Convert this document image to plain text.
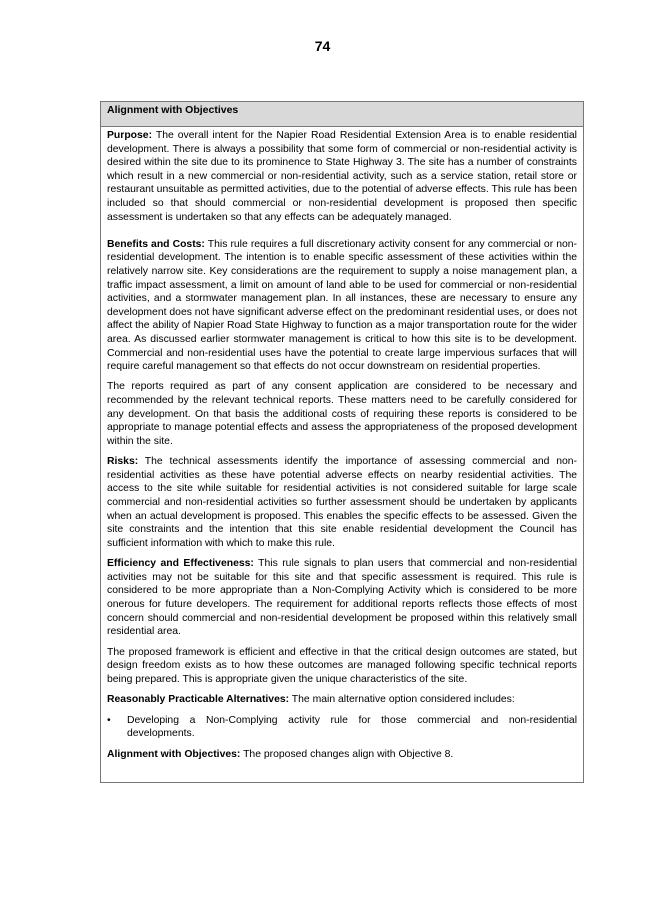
74
Alignment with Objectives

Purpose: The overall intent for the Napier Road Residential Extension Area is to enable residential development. There is always a possibility that some form of commercial or non-residential activity is desired within the site due to its prominence to State Highway 3. The site has a number of constraints which result in a new commercial or non-residential activity, such as a service station, retail store or restaurant unsuitable as permitted activities, due to the potential of adverse effects. This rule has been included so that should commercial or non-residential development is proposed then specific assessment is undertaken so that any effects can be adequately managed.

Benefits and Costs: This rule requires a full discretionary activity consent for any commercial or non-residential development. The intention is to enable specific assessment of these activities within the relatively narrow site. Key considerations are the requirement to supply a noise management plan, a traffic impact assessment, a limit on amount of land able to be used for commercial or non-residential activities, and a stormwater management plan. In all instances, these are necessary to ensure any development does not have significant adverse effect on the predominant residential uses, or does not affect the ability of Napier Road State Highway to function as a major transportation route for the wider area. As discussed earlier stormwater management is critical to how this site is to be development. Commercial and non-residential uses have the potential to create large impervious surfaces that will require careful management so that effects do not occur downstream on residential properties.

The reports required as part of any consent application are considered to be necessary and recommended by the relevant technical reports. These matters need to be carefully considered for any development. On that basis the additional costs of requiring these reports is considered to be appropriate to manage potential effects and assess the appropriateness of the proposed development within the site.

Risks: The technical assessments identify the importance of assessing commercial and non-residential activities as these have potential adverse effects on nearby residential activities. The access to the site while suitable for residential activities is not considered suitable for large scale commercial and non-residential activities so further assessment should be undertaken by applicants when an actual development is proposed. This enables the specific effects to be assessed. Given the site constraints and the intention that this site enable residential development the Council has sufficient information with which to make this rule.

Efficiency and Effectiveness: This rule signals to plan users that commercial and non-residential activities may not be suitable for this site and that specific assessment is required. This rule is considered to be more appropriate than a Non-Complying Activity which is considered to be more onerous for future developers. The requirement for additional reports reflects those effects of most concern should commercial and non-residential development be proposed within this relatively small residential area.

The proposed framework is efficient and effective in that the critical design outcomes are stated, but design freedom exists as to how these outcomes are managed following specific technical reports being prepared. This is appropriate given the unique characteristics of the site.

Reasonably Practicable Alternatives: The main alternative option considered includes:

• Developing a Non-Complying activity rule for those commercial and non-residential developments.

Alignment with Objectives: The proposed changes align with Objective 8.
